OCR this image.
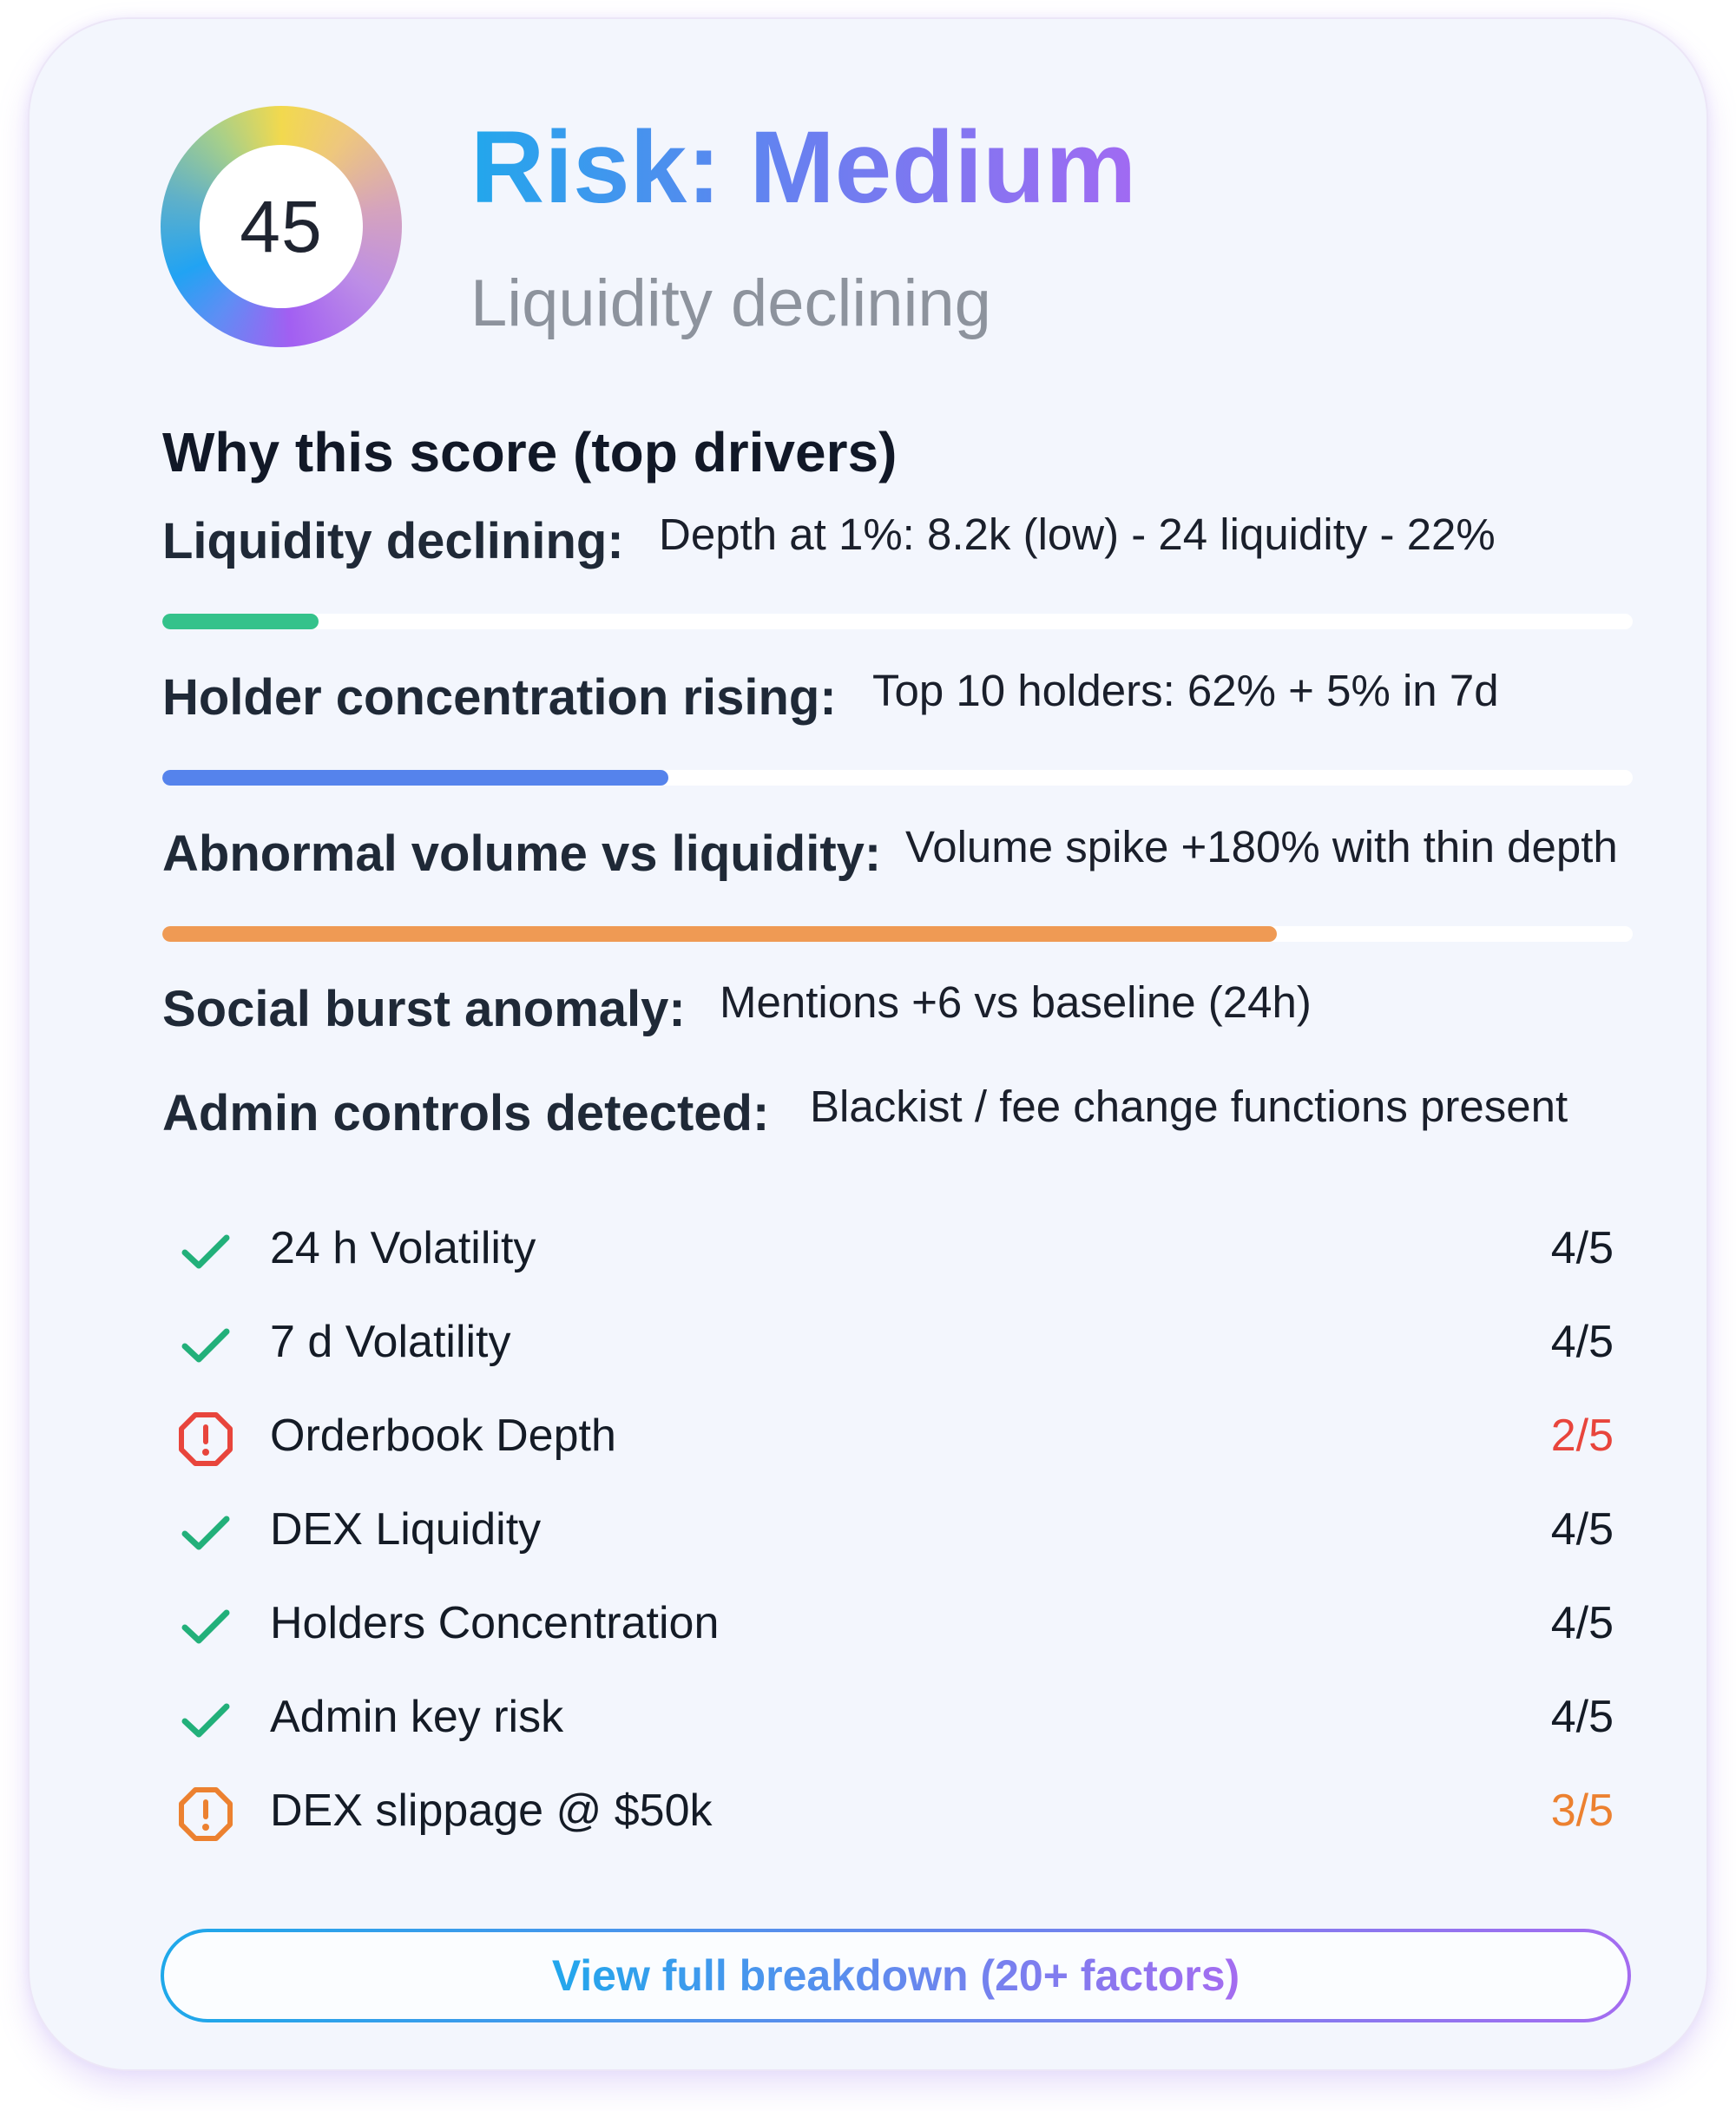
45
Risk: Medium
Liquidity declining
Why this score (top drivers)
Liquidity declining: Depth at 1%: 8.2k (low) - 24 liquidity - 22%
Holder concentration rising: Top 10 holders: 62% + 5% in 7d
Abnormal volume vs liquidity: Volume spike +180% with thin depth
Social burst anomaly: Mentions +6 vs baseline (24h)
Admin controls detected: Blackist / fee change functions present
24 h Volatility	4/5
7 d Volatility	4/5
Orderbook Depth	2/5
DEX Liquidity	4/5
Holders Concentration	4/5
Admin key risk	4/5
DEX slippage @ $50k	3/5
View full breakdown (20+ factors)
